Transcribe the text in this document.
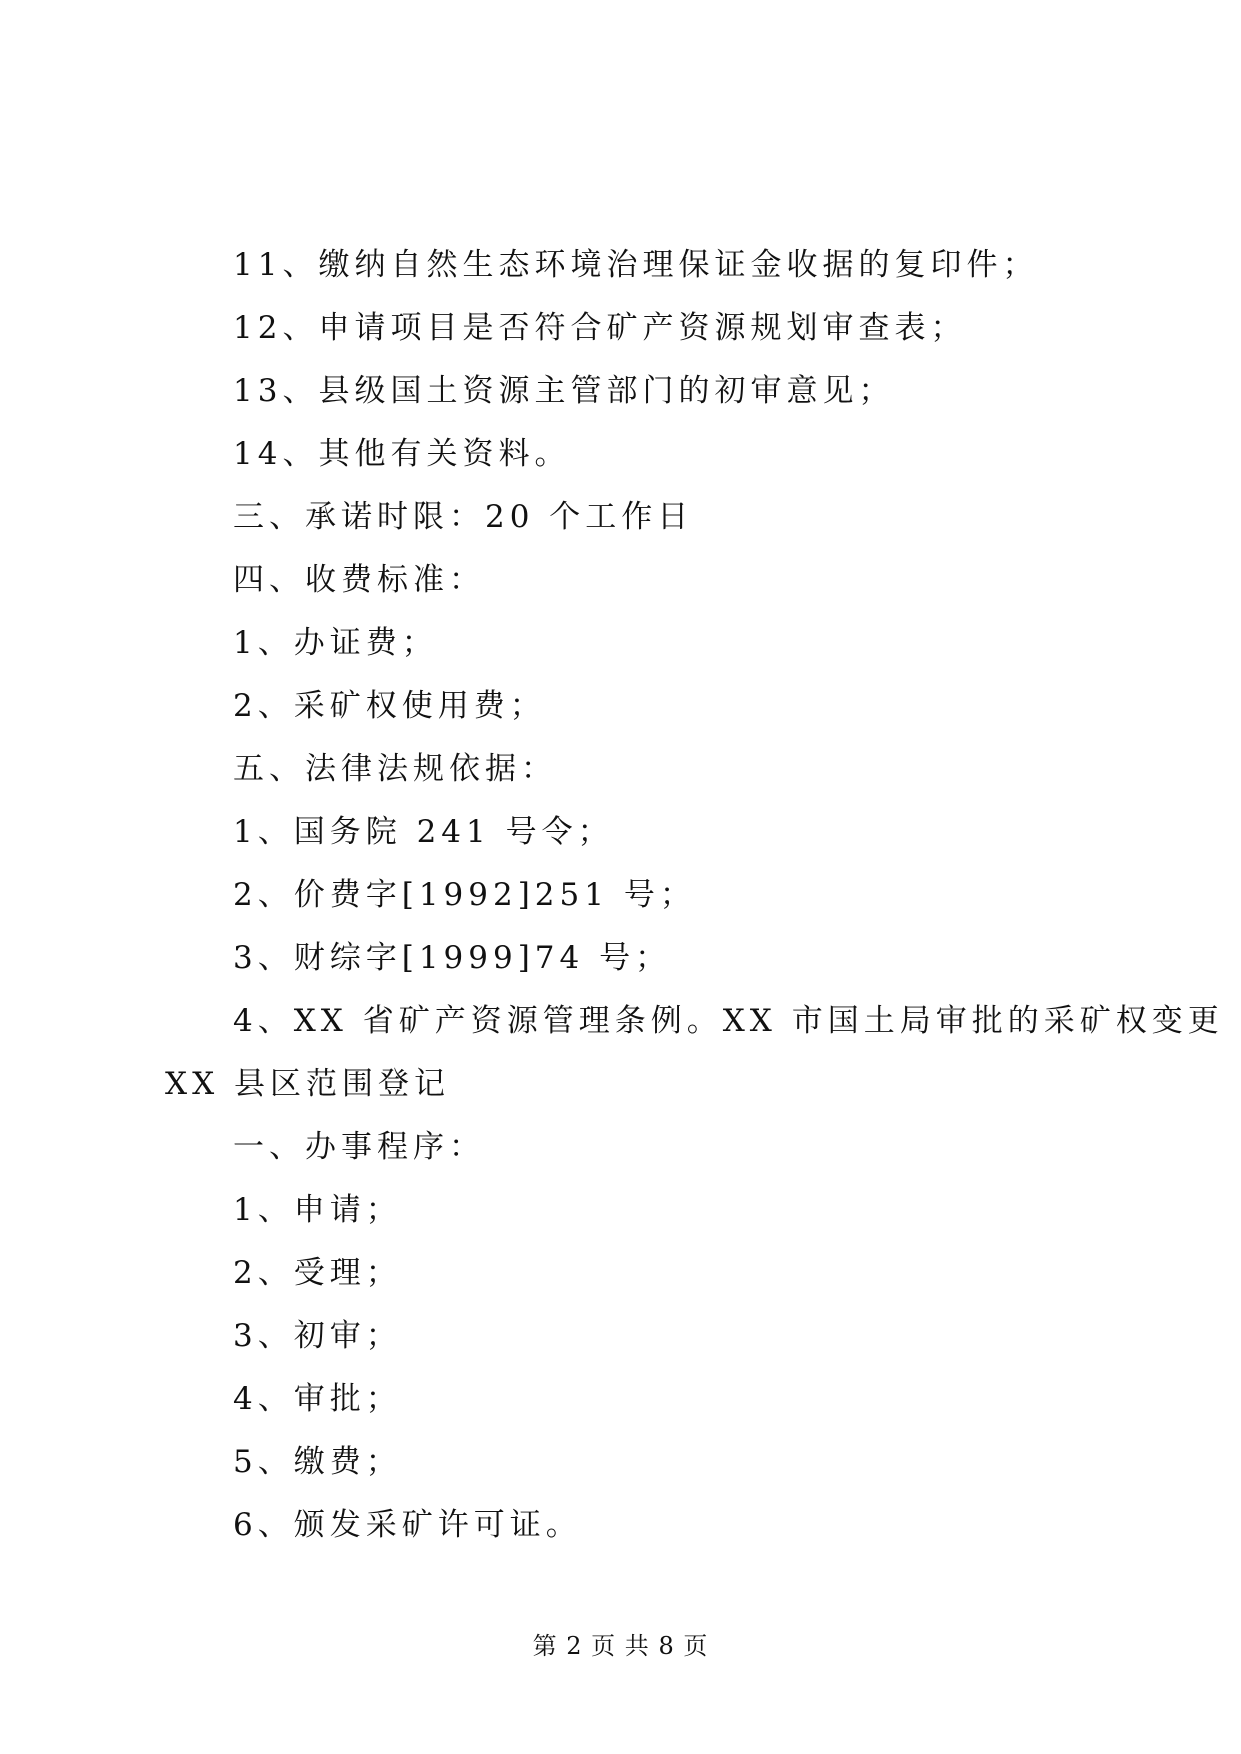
11、缴纳自然生态环境治理保证金收据的复印件；
12、申请项目是否符合矿产资源规划审查表；
13、县级国土资源主管部门的初审意见；
14、其他有关资料。
三、承诺时限：20 个工作日
四、收费标准：
1、办证费；
2、采矿权使用费；
五、法律法规依据：
1、国务院 241 号令；
2、价费字[1992]251 号；
3、财综字[1999]74 号；
4、XX 省矿产资源管理条例。XX 市国土局审批的采矿权变更
XX 县区范围登记
一、办事程序：
1、申请；
2、受理；
3、初审；
4、审批；
5、缴费；
6、颁发采矿许可证。
第 2 页 共 8 页
